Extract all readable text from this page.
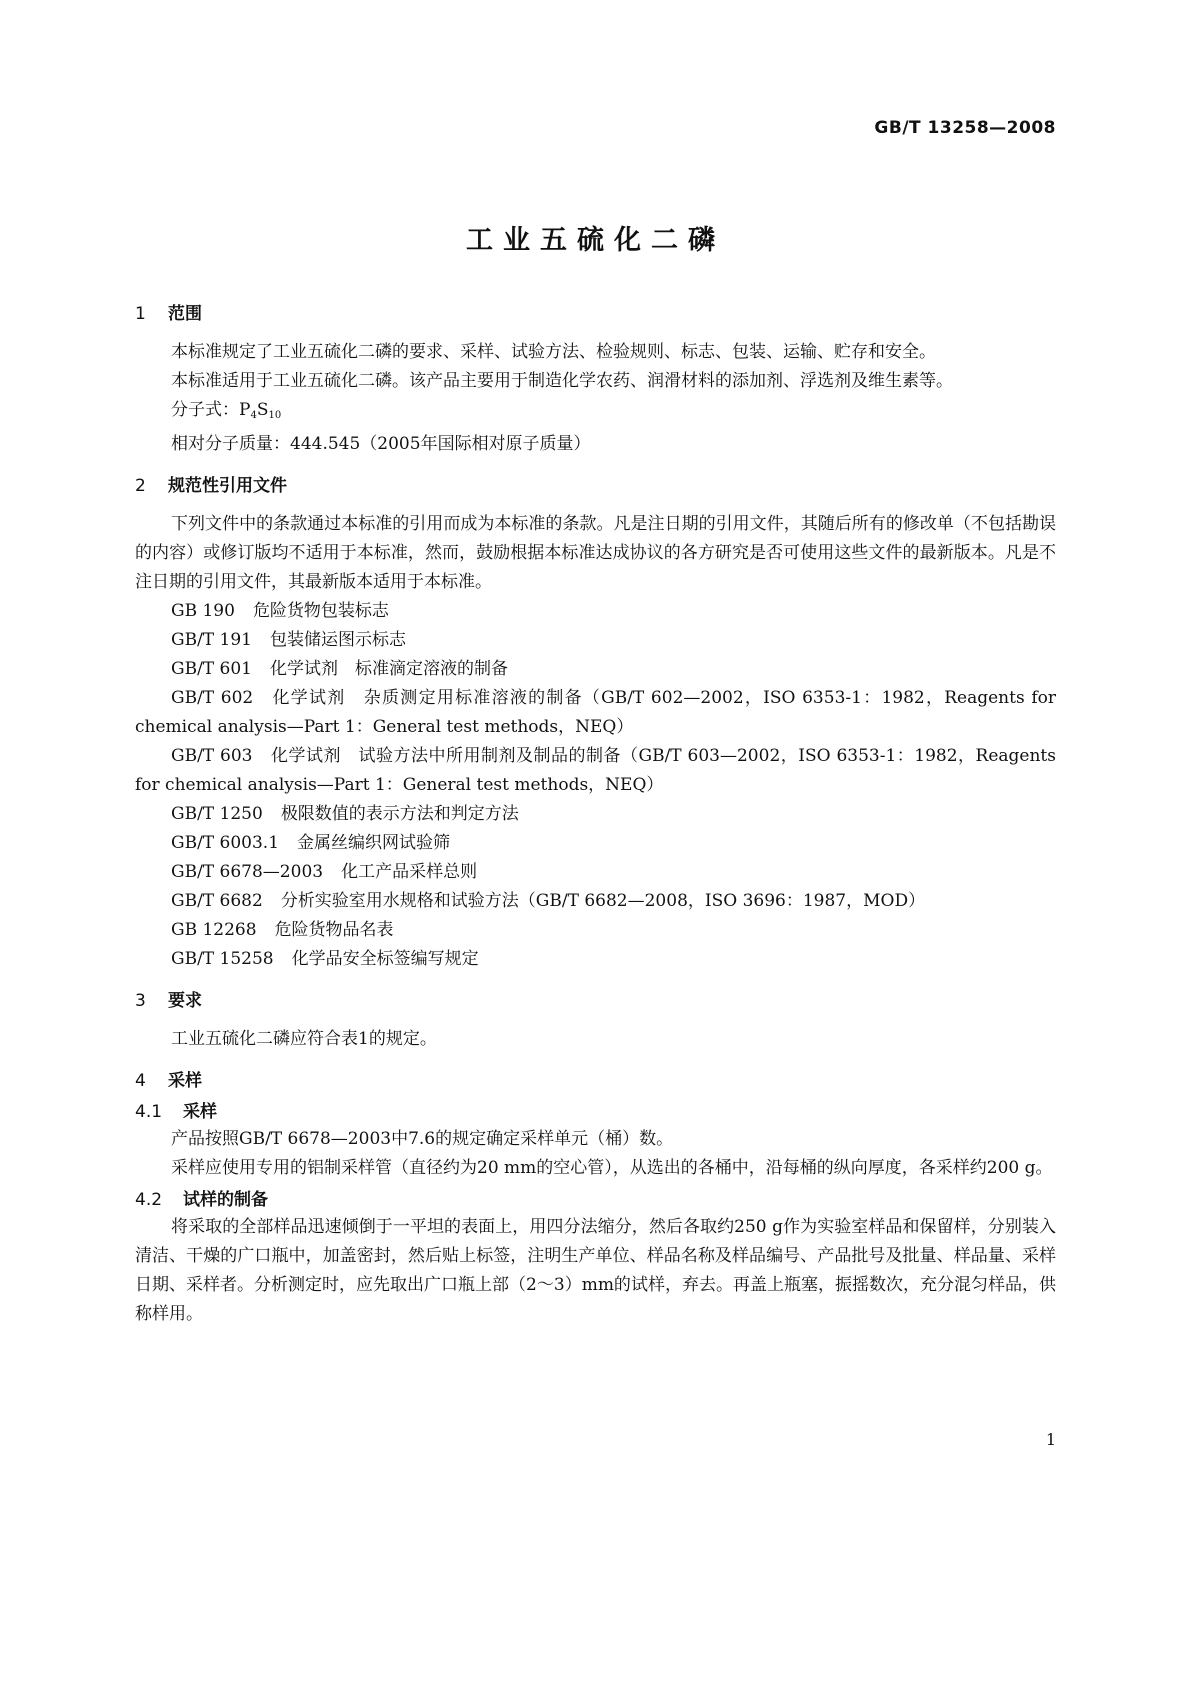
GB/T 13258—2008
工业五硫化二磷
1 范围
本标准规定了工业五硫化二磷的要求、采样、试验方法、检验规则、标志、包装、运输、贮存和安全。
本标准适用于工业五硫化二磷。该产品主要用于制造化学农药、润滑材料的添加剂、浮选剂及维生素等。
分子式：$P_4S_{10}$
相对分子质量：444.545（2005年国际相对原子质量）
2 规范性引用文件
下列文件中的条款通过本标准的引用而成为本标准的条款。凡是注日期的引用文件，其随后所有的修改单（不包括勘误的内容）或修订版均不适用于本标准，然而，鼓励根据本标准达成协议的各方研究是否可使用这些文件的最新版本。凡是不注日期的引用文件，其最新版本适用于本标准。
GB 190 危险货物包装标志
GB/T 191 包装储运图示标志
GB/T 601 化学试剂　标准滴定溶液的制备
GB/T 602 化学试剂　杂质测定用标准溶液的制备（GB/T 602—2002，ISO 6353-1：1982，Reagents for chemical analysis—Part 1：General test methods，NEQ）
GB/T 603 化学试剂　试验方法中所用制剂及制品的制备（GB/T 603—2002，ISO 6353-1：1982，Reagents for chemical analysis—Part 1：General test methods，NEQ）
GB/T 1250 极限数值的表示方法和判定方法
GB/T 6003.1 金属丝编织网试验筛
GB/T 6678—2003 化工产品采样总则
GB/T 6682 分析实验室用水规格和试验方法（GB/T 6682—2008，ISO 3696：1987，MOD）
GB 12268 危险货物品名表
GB/T 15258 化学品安全标签编写规定
3 要求
工业五硫化二磷应符合表1的规定。
4 采样
4.1 采样
产品按照GB/T 6678—2003中7.6的规定确定采样单元（桶）数。
采样应使用专用的铝制采样管（直径约为20 mm的空心管），从选出的各桶中，沿每桶的纵向厚度，各采样约200 g。
4.2 试样的制备
将采取的全部样品迅速倾倒于一平坦的表面上，用四分法缩分，然后各取约250 g作为实验室样品和保留样，分别装入清洁、干燥的广口瓶中，加盖密封，然后贴上标签，注明生产单位、样品名称及样品编号、产品批号及批量、样品量、采样日期、采样者。分析测定时，应先取出广口瓶上部（2～3）mm的试样，弃去。再盖上瓶塞，振摇数次，充分混匀样品，供称样用。
1
